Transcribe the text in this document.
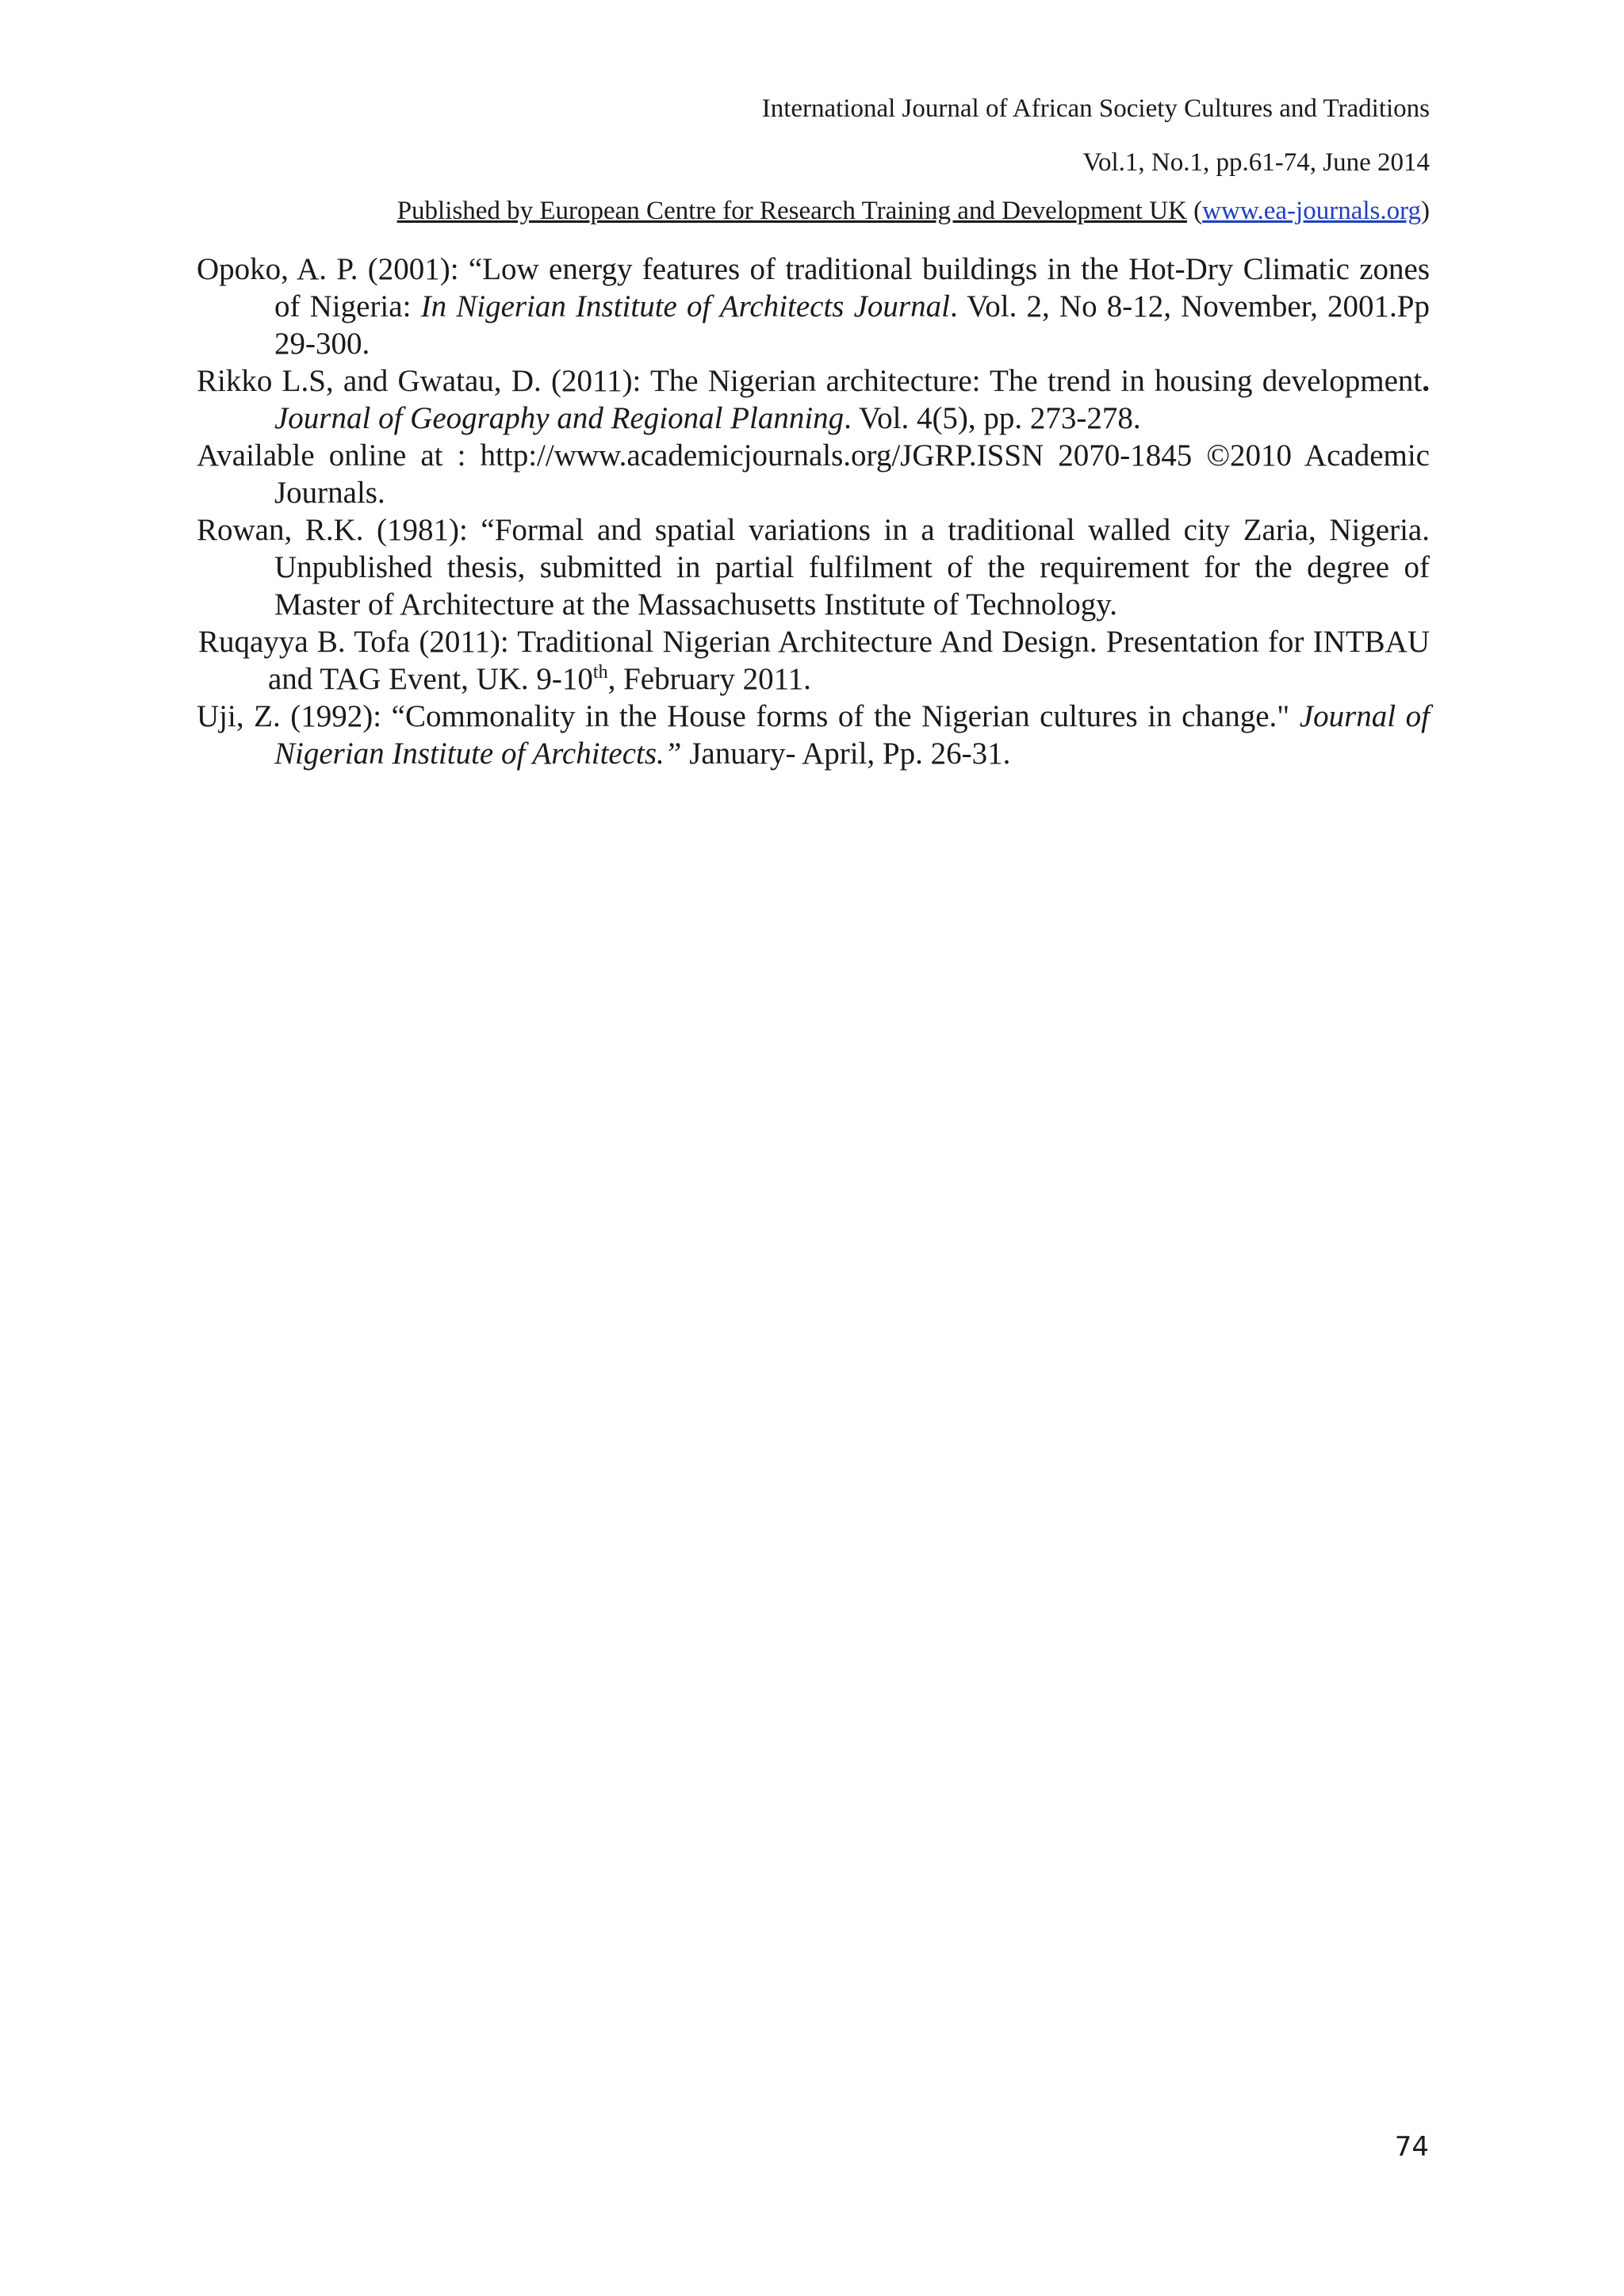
International Journal of African Society Cultures and Traditions
Vol.1, No.1, pp.61-74, June 2014
Published by European Centre for Research Training and Development UK (www.ea-journals.org)

Opoko, A. P. (2001): “Low energy features of traditional buildings in the Hot-Dry Climatic zones of Nigeria: In Nigerian Institute of Architects Journal. Vol. 2, No 8-12, November, 2001.Pp 29-300.

Rikko L.S, and Gwatau, D. (2011): The Nigerian architecture: The trend in housing development. Journal of Geography and Regional Planning. Vol. 4(5), pp. 273-278.

Available online at : http://www.academicjournals.org/JGRP.ISSN 2070-1845 ©2010 Academic Journals.

Rowan, R.K. (1981): “Formal and spatial variations in a traditional walled city Zaria, Nigeria. Unpublished thesis, submitted in partial fulfilment of the requirement for the degree of Master of Architecture at the Massachusetts Institute of Technology.

Ruqayya B. Tofa (2011): Traditional Nigerian Architecture And Design. Presentation for INTBAU and TAG Event, UK. 9-10th, February 2011.

Uji, Z. (1992): “Commonality in the House forms of the Nigerian cultures in change." Journal of Nigerian Institute of Architects.” January- April, Pp. 26-31.

74
